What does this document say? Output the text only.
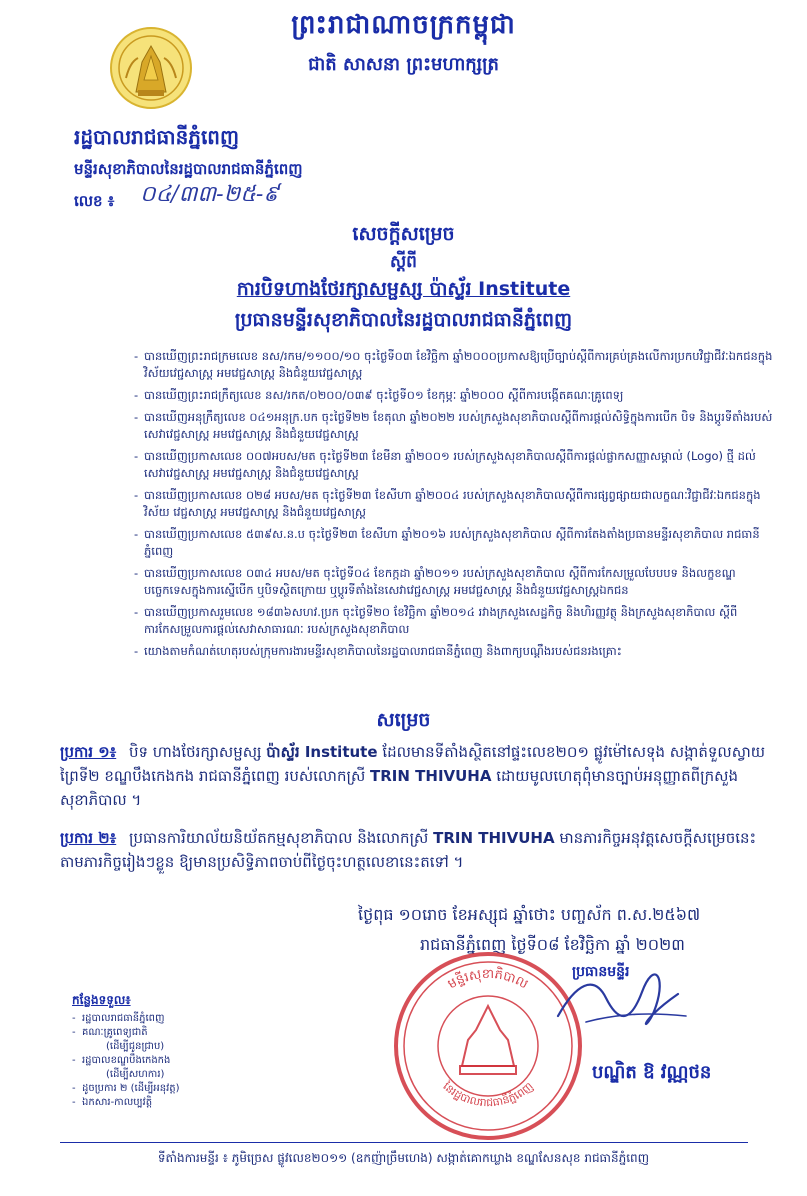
ព្រះរាជាណាចក្រកម្ពុជា
ជាតិ សាសនា ព្រះមហាក្សត្រ
រដ្ឋបាលរាជធានីភ្នំពេញ
មន្ទីរសុខាភិបាលនៃរដ្ឋបាលរាជធានីភ្នំពេញ
លេខ ៖ ០៤/៣៣-២៥-៩
សេចក្តីសម្រេច
ស្តីពី
ការបិទហាងថែរក្សាសម្ផស្ស ប៉ាស្ទ័រ Institute
ប្រធានមន្ទីរសុខាភិបាលនៃរដ្ឋបាលរាជធានីភ្នំពេញ
- បានឃើញព្រះរាជក្រមលេខ នស/រកម/១១០០/១០ ចុះថ្ងៃទី០៣ ខែវិច្ឆិកា ឆ្នាំ២០០០ប្រកាសឱ្យប្រើច្បាប់ស្តីពីការគ្រប់គ្រងលើការប្រកបវិជ្ជាជីវៈឯកជនក្នុងវិស័យវេជ្ជសាស្ត្រ អមវេជ្ជសាស្ត្រ និងជំនួយវេជ្ជសាស្ត្រ
- បានឃើញព្រះរាជក្រឹត្យលេខ នស/រកត/០២០០/០៣៩ ចុះថ្ងៃទី០១ ខែកុម្ភៈ ឆ្នាំ២០០០ ស្តីពីការបង្កើតគណៈគ្រូពេទ្យ
- បានឃើញអនុក្រឹត្យលេខ ០៤១អនុក្រ.បក ចុះថ្ងៃទី២២ ខែតុលា ឆ្នាំ២០២២ របស់ក្រសួងសុខាភិបាលស្តីពីការផ្តល់សិទ្ធិក្នុងការបើក បិទ និងប្តូរទីតាំងរបស់សេវាវេជ្ជសាស្ត្រ អមវេជ្ជសាស្ត្រ និងជំនួយវេជ្ជសាស្ត្រ
- បានឃើញប្រកាសលេខ ០០៧អបស/មត ចុះថ្ងៃទី២៣ ខែមីនា ឆ្នាំ២០០១ របស់ក្រសួងសុខាភិបាលស្តីពីការផ្តល់ផ្លាកសញ្ញាសម្គាល់ (Logo) ថ្មី ដល់សេវាវេជ្ជសាស្ត្រ អមវេជ្ជសាស្ត្រ និងជំនួយវេជ្ជសាស្ត្រ
- បានឃើញប្រកាសលេខ ០២៨ អបស/មត ចុះថ្ងៃទី២៣ ខែសីហា ឆ្នាំ២០០៤ របស់ក្រសួងសុខាភិបាលស្តីពីការផ្សព្វផ្សាយជាលក្ខណៈវិជ្ជាជីវៈឯកជនក្នុងវិស័យ វេជ្ជសាស្ត្រ អមវេជ្ជសាស្ត្រ និងជំនួយវេជ្ជសាស្ត្រ
- បានឃើញប្រកាសលេខ ៥៣៩ស.ន.ប ចុះថ្ងៃទី២៣ ខែសីហា ឆ្នាំ២០១៦ របស់ក្រសួងសុខាភិបាល ស្តីពីការតែងតាំងប្រធានមន្ទីរសុខាភិបាល រាជធានីភ្នំពេញ
- បានឃើញប្រកាសលេខ ០៣៤ អបស/មត ចុះថ្ងៃទី០៤ ខែកក្កដា ឆ្នាំ២០១១ របស់ក្រសួងសុខាភិបាល ស្តីពីការកែសម្រួលបែបបទ និងលក្ខខណ្ឌបច្ចេកទេសក្នុងការស្នើបើក ឬបិទស្ថិតក្រោយ ឬប្តូរទីតាំងនៃសេវាវេជ្ជសាស្ត្រ អមវេជ្ជសាស្ត្រ និងជំនួយវេជ្ជសាស្ត្រឯកជន
- បានឃើញប្រកាសរួមលេខ ១៨៣៦សហវ.ប្រក ចុះថ្ងៃទី២០ ខែវិច្ឆិកា ឆ្នាំ២០១៤ រវាងក្រសួងសេដ្ឋកិច្ច និងហិរញ្ញវត្ថុ និងក្រសួងសុខាភិបាល ស្តីពីការកែសម្រួលការផ្តល់សេវាសាធារណៈ របស់ក្រសួងសុខាភិបាល
- យោងតាមកំណត់ហេតុរបស់ក្រុមការងារមន្ទីរសុខាភិបាលនៃរដ្ឋបាលរាជធានីភ្នំពេញ និងពាក្យបណ្តឹងរបស់ជនរងគ្រោះ
សម្រេច
ប្រការ ១៖ បិទ ហាងថែរក្សាសម្ផស្ស ប៉ាស្ទ័រ Institute ដែលមានទីតាំងស្ថិតនៅផ្ទះលេខ២០១ ផ្លូវម៉ៅសេទុង សង្កាត់ទួលស្វាយព្រៃទី២ ខណ្ឌបឹងកេងកង រាជធានីភ្នំពេញ របស់លោកស្រី TRIN THIVUHA ដោយមូលហេតុពុំមានច្បាប់អនុញ្ញាតពីក្រសួងសុខាភិបាល ។
ប្រការ ២៖ ប្រធានការិយាល័យនិយ័តកម្មសុខាភិបាល និងលោកស្រី TRIN THIVUHA មានភារកិច្ចអនុវត្តសេចក្តីសម្រេចនេះតាមភារកិច្ចរៀងៗខ្លួន ឱ្យមានប្រសិទ្ធិភាពចាប់ពីថ្ងៃចុះហត្ថលេខានេះតទៅ ។
ថ្ងៃពុធ ១០រោច ខែអស្សុជ ឆ្នាំថោះ បញ្ចស័ក ព.ស.២៥៦៧
រាជធានីភ្នំពេញ ថ្ងៃទី០៨ ខែវិច្ឆិកា ឆ្នាំ ២០២៣
មន្ទីរសុខាភិបាល
នៃរដ្ឋបាលរាជធានីភ្នំពេញ
ប្រធានមន្ទីរ
បណ្ឌិត ឱ វណ្ណថន
កន្លែងទទួល៖
- រដ្ឋបាលរាជធានីភ្នំពេញ
- គណៈគ្រូពេទ្យជាតិ
(ដើម្បីជូនជ្រាប)
- រដ្ឋបាលខណ្ឌបឹងកេងកង
(ដើម្បីសហការ)
- ដូចប្រការ ២ (ដើម្បីអនុវត្ត)
- ឯកសារ-កាលប្បវត្តិ
ទីតាំងការមន្ទីរ ៖ ភូមិច្រេស ផ្លូវលេខ២០១១ (ឧកញ៉ាច្រឹមហេង) សង្កាត់គោកឃ្លាង ខណ្ឌសែនសុខ រាជធានីភ្នំពេញ
